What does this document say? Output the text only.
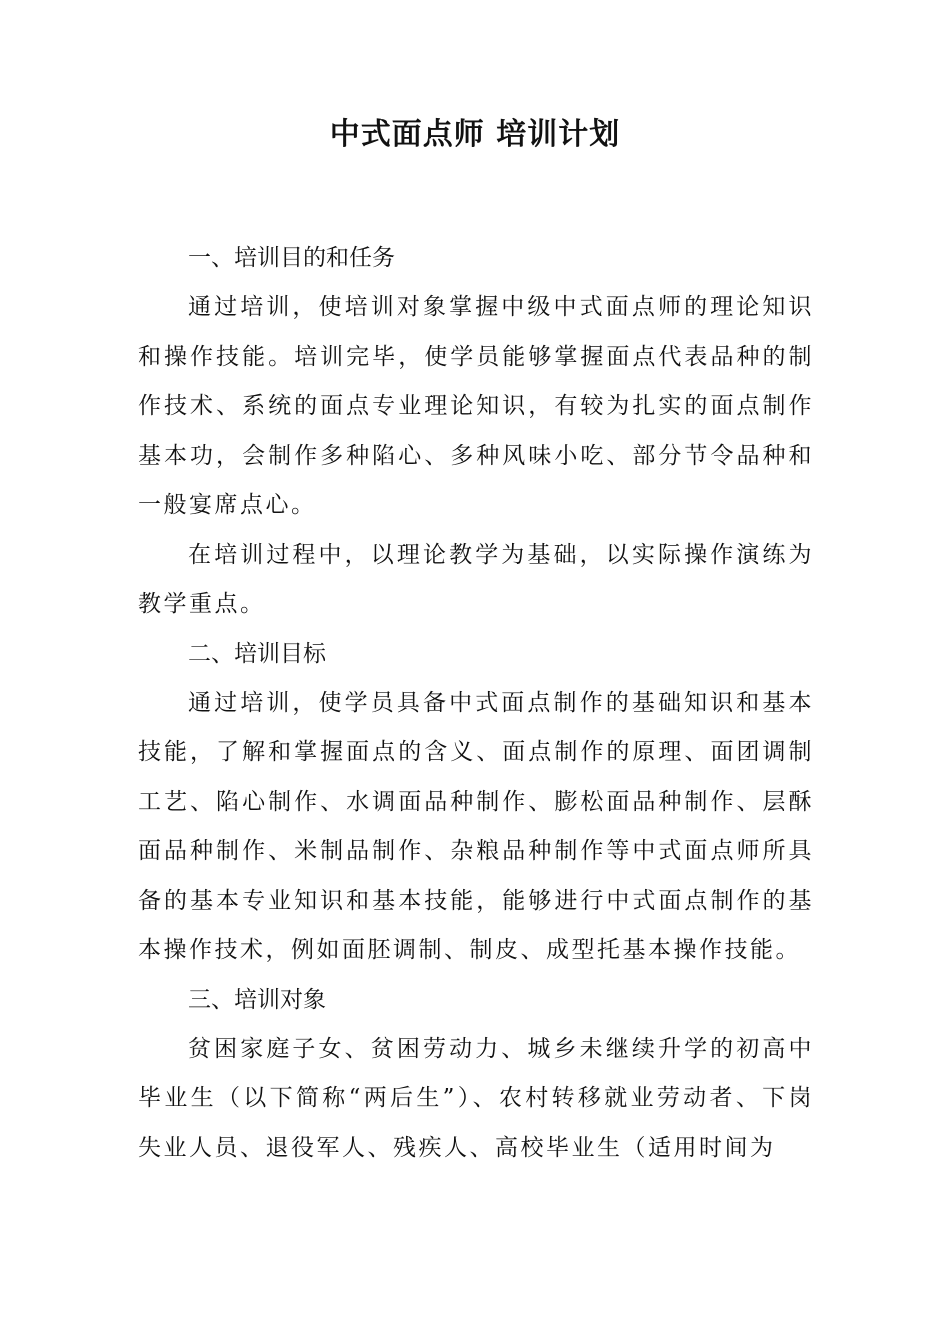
中式面点师 培训计划
一、培训目的和任务

通过培训，使培训对象掌握中级中式面点师的理论知识和操作技能。培训完毕，使学员能够掌握面点代表品种的制作技术、系统的面点专业理论知识，有较为扎实的面点制作基本功，会制作多种陷心、多种风味小吃、部分节令品种和一般宴席点心。

在培训过程中，以理论教学为基础，以实际操作演练为教学重点。

二、培训目标

通过培训，使学员具备中式面点制作的基础知识和基本技能，了解和掌握面点的含义、面点制作的原理、面团调制工艺、陷心制作、水调面品种制作、膨松面品种制作、层酥面品种制作、米制品制作、杂粮品种制作等中式面点师所具备的基本专业知识和基本技能，能够进行中式面点制作的基本操作技术，例如面胚调制、制皮、成型托基本操作技能。

三、培训对象

贫困家庭子女、贫困劳动力、城乡未继续升学的初高中毕业生（以下简称“两后生”）、农村转移就业劳动者、下岗失业人员、退役军人、残疾人、高校毕业生（适用时间为
